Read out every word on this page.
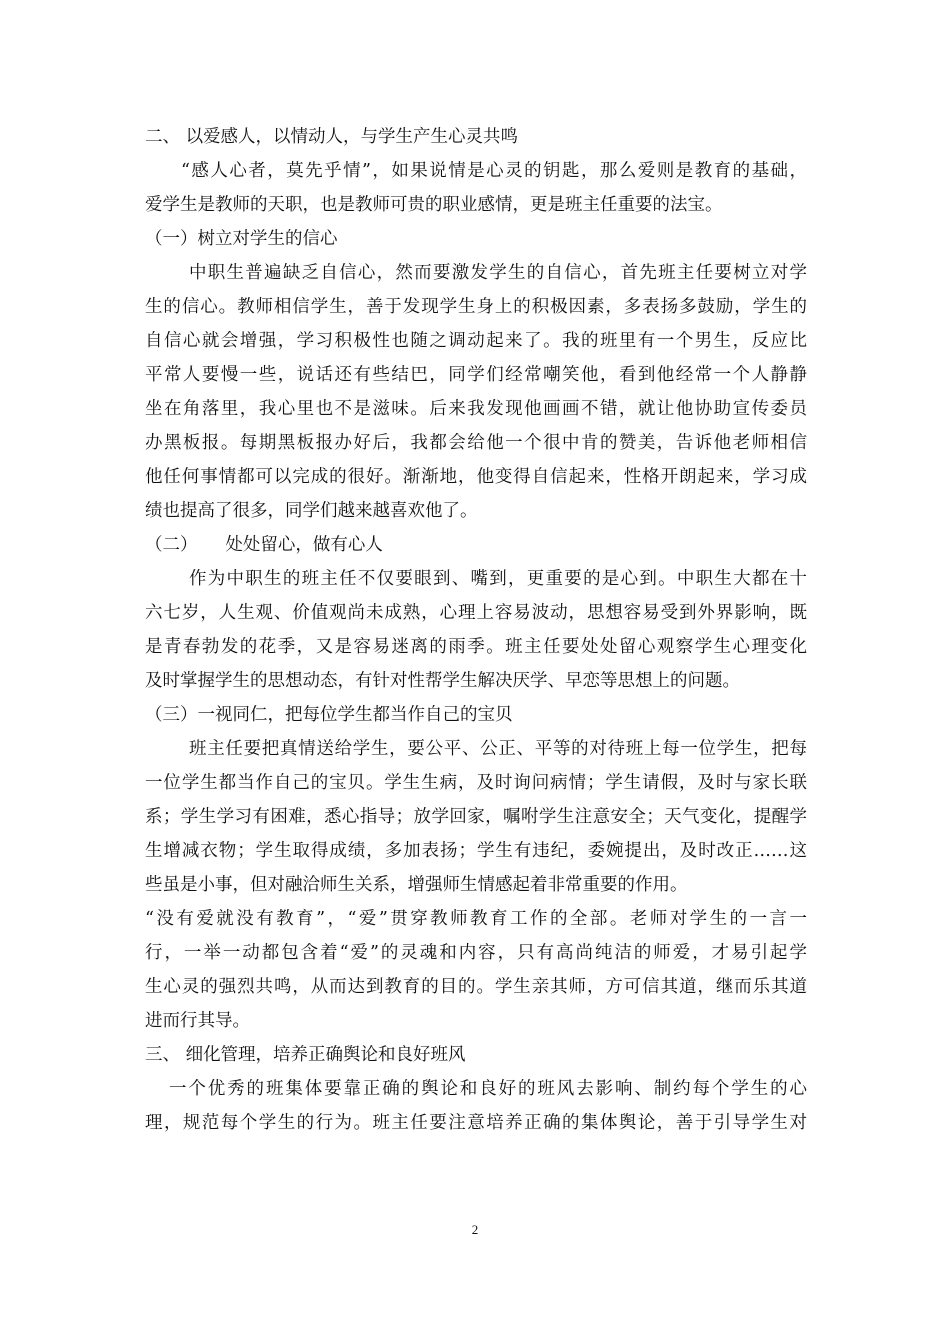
二、 以爱感人，以情动人，与学生产生心灵共鸣
“感人心者，莫先乎情”，如果说情是心灵的钥匙，那么爱则是教育的基础，
爱学生是教师的天职，也是教师可贵的职业感情，更是班主任重要的法宝。
（一）树立对学生的信心
中职生普遍缺乏自信心，然而要激发学生的自信心，首先班主任要树立对学
生的信心。教师相信学生，善于发现学生身上的积极因素，多表扬多鼓励，学生的
自信心就会增强，学习积极性也随之调动起来了。我的班里有一个男生，反应比
平常人要慢一些，说话还有些结巴，同学们经常嘲笑他，看到他经常一个人静静
坐在角落里，我心里也不是滋味。后来我发现他画画不错，就让他协助宣传委员
办黑板报。每期黑板报办好后，我都会给他一个很中肯的赞美，告诉他老师相信
他任何事情都可以完成的很好。渐渐地，他变得自信起来，性格开朗起来，学习成
绩也提高了很多，同学们越来越喜欢他了。
（二）     处处留心，做有心人
作为中职生的班主任不仅要眼到、嘴到，更重要的是心到。中职生大都在十
六七岁，人生观、价值观尚未成熟，心理上容易波动，思想容易受到外界影响，既
是青春勃发的花季，又是容易迷离的雨季。班主任要处处留心观察学生心理变化
及时掌握学生的思想动态，有针对性帮学生解决厌学、早恋等思想上的问题。
（三）一视同仁，把每位学生都当作自己的宝贝
班主任要把真情送给学生，要公平、公正、平等的对待班上每一位学生，把每
一位学生都当作自己的宝贝。学生生病，及时询问病情；学生请假，及时与家长联
系；学生学习有困难，悉心指导；放学回家，嘱咐学生注意安全；天气变化，提醒学
生增减衣物；学生取得成绩，多加表扬；学生有违纪，委婉提出，及时改正……这
些虽是小事，但对融洽师生关系，增强师生情感起着非常重要的作用。
“没有爱就没有教育”，“爱”贯穿教师教育工作的全部。老师对学生的一言一
行，一举一动都包含着“爱”的灵魂和内容，只有高尚纯洁的师爱，才易引起学
生心灵的强烈共鸣，从而达到教育的目的。学生亲其师，方可信其道，继而乐其道
进而行其导。
三、 细化管理，培养正确舆论和良好班风
一个优秀的班集体要靠正确的舆论和良好的班风去影响、制约每个学生的心
理，规范每个学生的行为。班主任要注意培养正确的集体舆论，善于引导学生对
2
